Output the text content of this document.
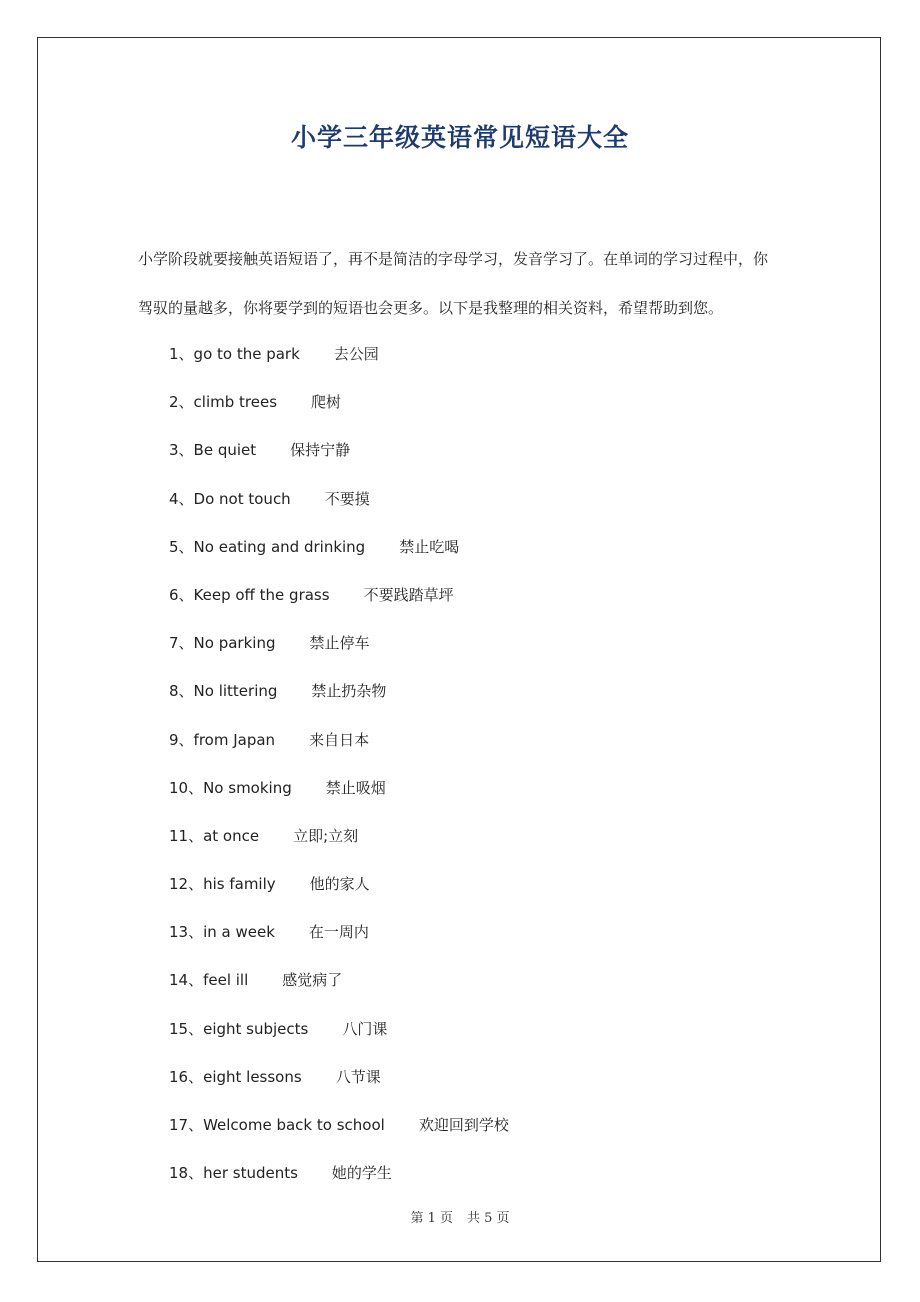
小学三年级英语常见短语大全
小学阶段就要接触英语短语了，再不是简洁的字母学习，发音学习了。在单词的学习过程中，你
驾驭的量越多，你将要学到的短语也会更多。以下是我整理的相关资料，希望帮助到您。
1、go to the park 去公园
2、climb trees 爬树
3、Be quiet 保持宁静
4、Do not touch 不要摸
5、No eating and drinking 禁止吃喝
6、Keep off the grass 不要践踏草坪
7、No parking 禁止停车
8、No littering 禁止扔杂物
9、from Japan 来自日本
10、No smoking 禁止吸烟
11、at once 立即;立刻
12、his family 他的家人
13、in a week 在一周内
14、feel ill 感觉病了
15、eight subjects 八门课
16、eight lessons 八节课
17、Welcome back to school 欢迎回到学校
18、her students 她的学生
第 1 页 共 5 页
